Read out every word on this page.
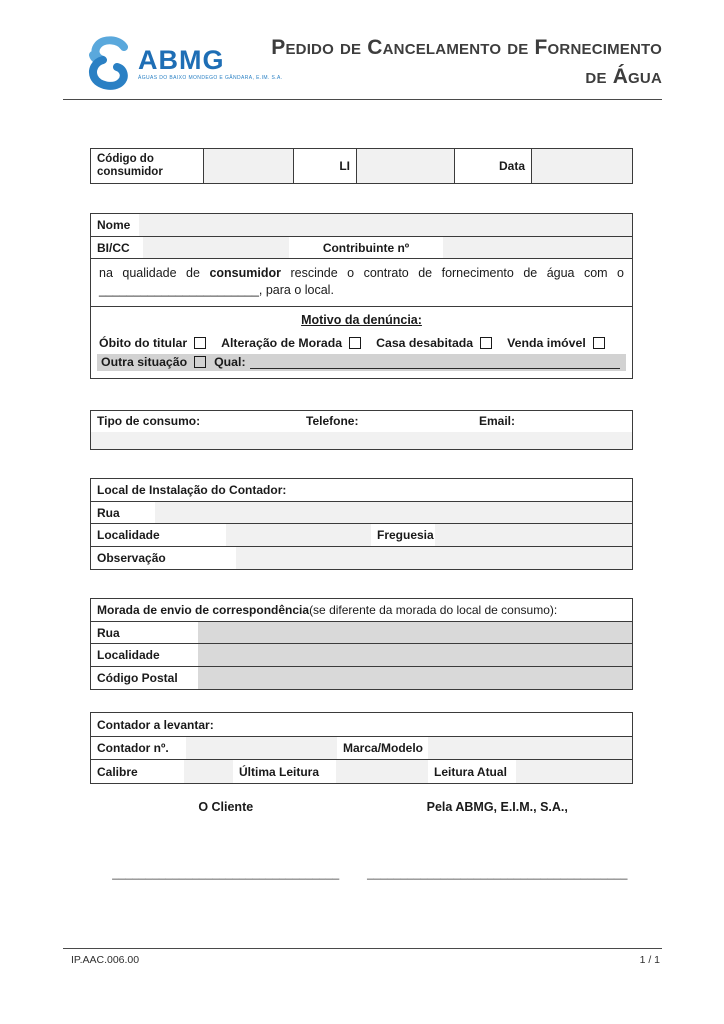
ABMG
ÁGUAS DO BAIXO MONDEGO E GÂNDARA, E.IM. S.A.
Pedido de Cancelamento de Fornecimento
de Água
Código do consumidor	LI	Data
Nome
BI/CC	Contribuinte nº
na qualidade de consumidor rescinde o contrato de fornecimento de água com o _______________________, para o local.
Motivo da denúncia:
Óbito do titular	Alteração de Morada	Casa desabitada	Venda imóvel
Outra situação Qual:
Tipo de consumo:	Telefone:	Email:
Local de Instalação do Contador:
Rua
Localidade	Freguesia
Observação
Morada de envio de correspondência (se diferente da morada do local de consumo):
Rua
Localidade
Código Postal
Contador a levantar:
Contador nº.	Marca/Modelo
Calibre	Última Leitura	Leitura Atual
O Cliente
__________________________________
Pela ABMG, E.I.M., S.A.,
_______________________________________
IP.AAC.006.00	1 / 1
